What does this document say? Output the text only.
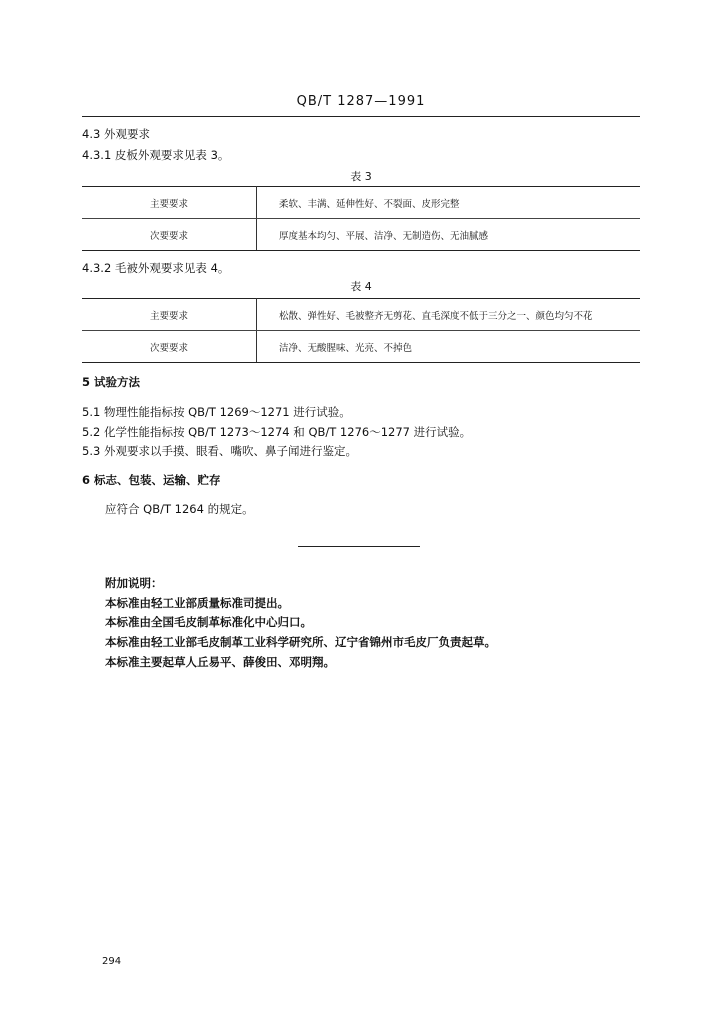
QB/T 1287—1991
4.3 外观要求
4.3.1 皮板外观要求见表 3。
表 3
主要要求	柔软、丰满、延伸性好、不裂面、皮形完整
次要要求	厚度基本均匀、平展、洁净、无制造伤、无油腻感
4.3.2 毛被外观要求见表 4。
表 4
主要要求	松散、弹性好、毛被整齐无剪花、直毛深度不低于三分之一、颜色均匀不花
次要要求	洁净、无酸腥味、光亮、不掉色
5 试验方法
5.1 物理性能指标按 QB/T 1269～1271 进行试验。
5.2 化学性能指标按 QB/T 1273～1274 和 QB/T 1276～1277 进行试验。
5.3 外观要求以手摸、眼看、嘴吹、鼻子闻进行鉴定。
6 标志、包装、运输、贮存
应符合 QB/T 1264 的规定。
附加说明：
本标准由轻工业部质量标准司提出。
本标准由全国毛皮制革标准化中心归口。
本标准由轻工业部毛皮制革工业科学研究所、辽宁省锦州市毛皮厂负责起草。
本标准主要起草人丘易平、薛俊田、邓明翔。
294
